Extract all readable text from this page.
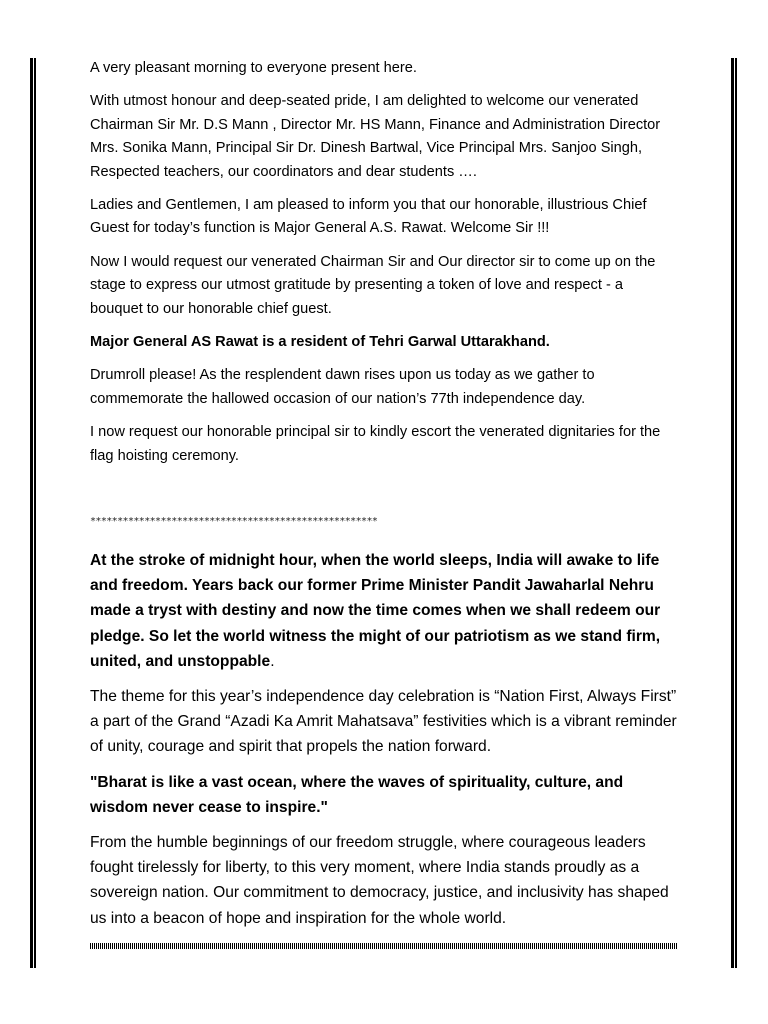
A very pleasant morning to everyone present here.

With utmost honour and deep-seated pride, I am delighted to welcome our venerated Chairman Sir Mr. D.S Mann , Director Mr. HS Mann, Finance and Administration Director Mrs. Sonika Mann, Principal Sir Dr. Dinesh Bartwal, Vice Principal Mrs. Sanjoo Singh, Respected teachers, our coordinators and dear students ….

Ladies and Gentlemen, I am pleased to inform you that our honorable, illustrious Chief Guest for today’s function is Major General A.S. Rawat. Welcome Sir !!!

Now I would request our venerated Chairman Sir and Our director sir to come up on the stage to express our utmost gratitude by presenting a token of love and respect - a bouquet to our honorable chief guest.

Major General AS Rawat is a resident of Tehri Garwal Uttarakhand.

Drumroll please! As the resplendent dawn rises upon us today as we gather to commemorate the hallowed occasion of our nation’s 77th independence day.

I now request our honorable principal sir to kindly escort the venerated dignitaries for the flag hoisting ceremony.

*****************************************************

At the stroke of midnight hour, when the world sleeps, India will awake to life and freedom. Years back our former Prime Minister Pandit Jawaharlal Nehru made a tryst with destiny and now the time comes when we shall redeem our pledge. So let the world witness the might of our patriotism as we stand firm, united, and unstoppable.

The theme for this year’s independence day celebration is “Nation First, Always First” a part of the Grand “Azadi Ka Amrit Mahatsava” festivities which is a vibrant reminder of unity, courage and spirit that propels the nation forward.

"Bharat is like a vast ocean, where the waves of spirituality, culture, and wisdom never cease to inspire."

From the humble beginnings of our freedom struggle, where courageous leaders fought tirelessly for liberty, to this very moment, where India stands proudly as a sovereign nation. Our commitment to democracy, justice, and inclusivity has shaped us into a beacon of hope and inspiration for the whole world.
